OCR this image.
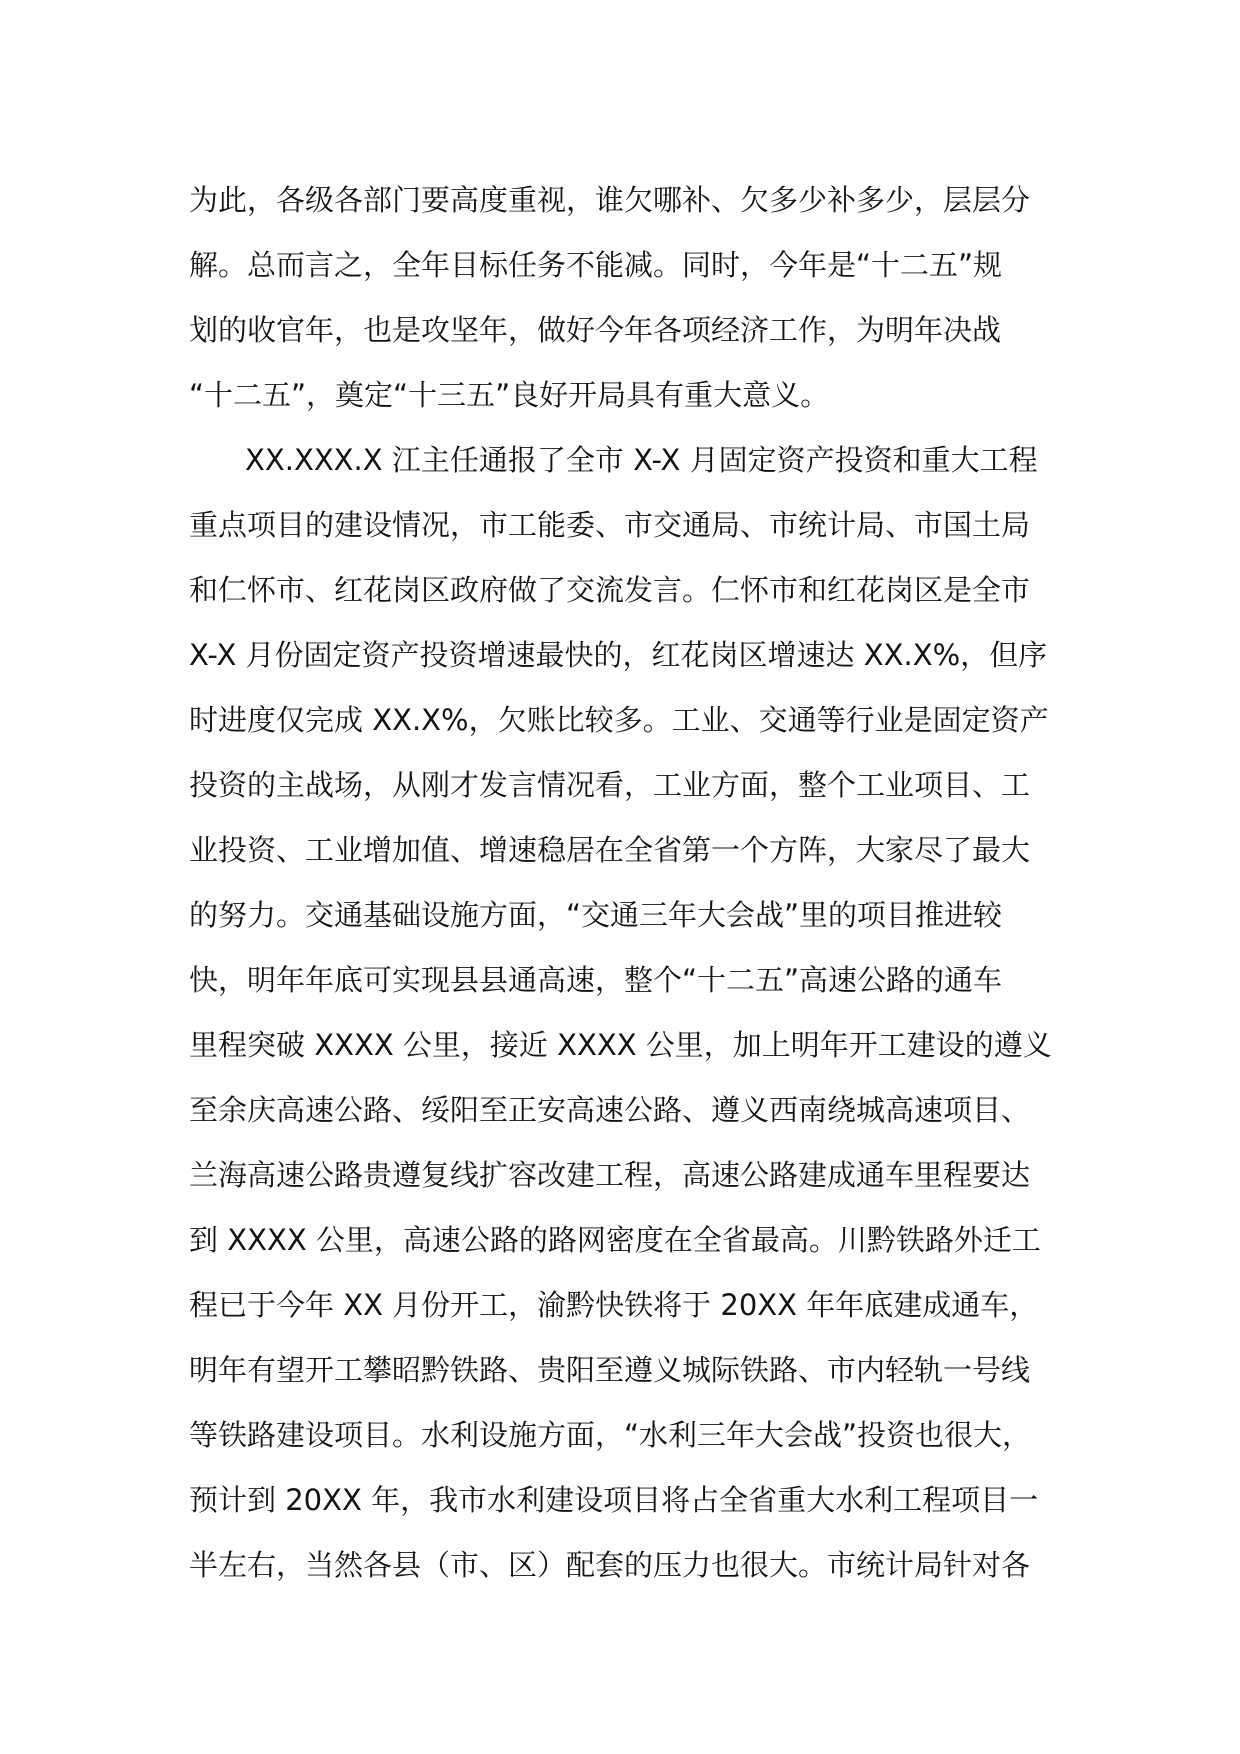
为此，各级各部门要高度重视，谁欠哪补、欠多少补多少，层层分
解。总而言之，全年目标任务不能减。同时，今年是“十二五”规
划的收官年，也是攻坚年，做好今年各项经济工作，为明年决战
“十二五”，奠定“十三五”良好开局具有重大意义。
XX.XXX.X 江主任通报了全市 X-X 月固定资产投资和重大工程
重点项目的建设情况，市工能委、市交通局、市统计局、市国土局
和仁怀市、红花岗区政府做了交流发言。仁怀市和红花岗区是全市
X-X 月份固定资产投资增速最快的，红花岗区增速达 XX.X%，但序
时进度仅完成 XX.X%，欠账比较多。工业、交通等行业是固定资产
投资的主战场，从刚才发言情况看，工业方面，整个工业项目、工
业投资、工业增加值、增速稳居在全省第一个方阵，大家尽了最大
的努力。交通基础设施方面，“交通三年大会战”里的项目推进较
快，明年年底可实现县县通高速，整个“十二五”高速公路的通车
里程突破 XXXX 公里，接近 XXXX 公里，加上明年开工建设的遵义
至余庆高速公路、绥阳至正安高速公路、遵义西南绕城高速项目、
兰海高速公路贵遵复线扩容改建工程，高速公路建成通车里程要达
到 XXXX 公里，高速公路的路网密度在全省最高。川黔铁路外迁工
程已于今年 XX 月份开工，渝黔快铁将于 20XX 年年底建成通车，
明年有望开工攀昭黔铁路、贵阳至遵义城际铁路、市内轻轨一号线
等铁路建设项目。水利设施方面，“水利三年大会战”投资也很大，
预计到 20XX 年，我市水利建设项目将占全省重大水利工程项目一
半左右，当然各县（市、区）配套的压力也很大。市统计局针对各
